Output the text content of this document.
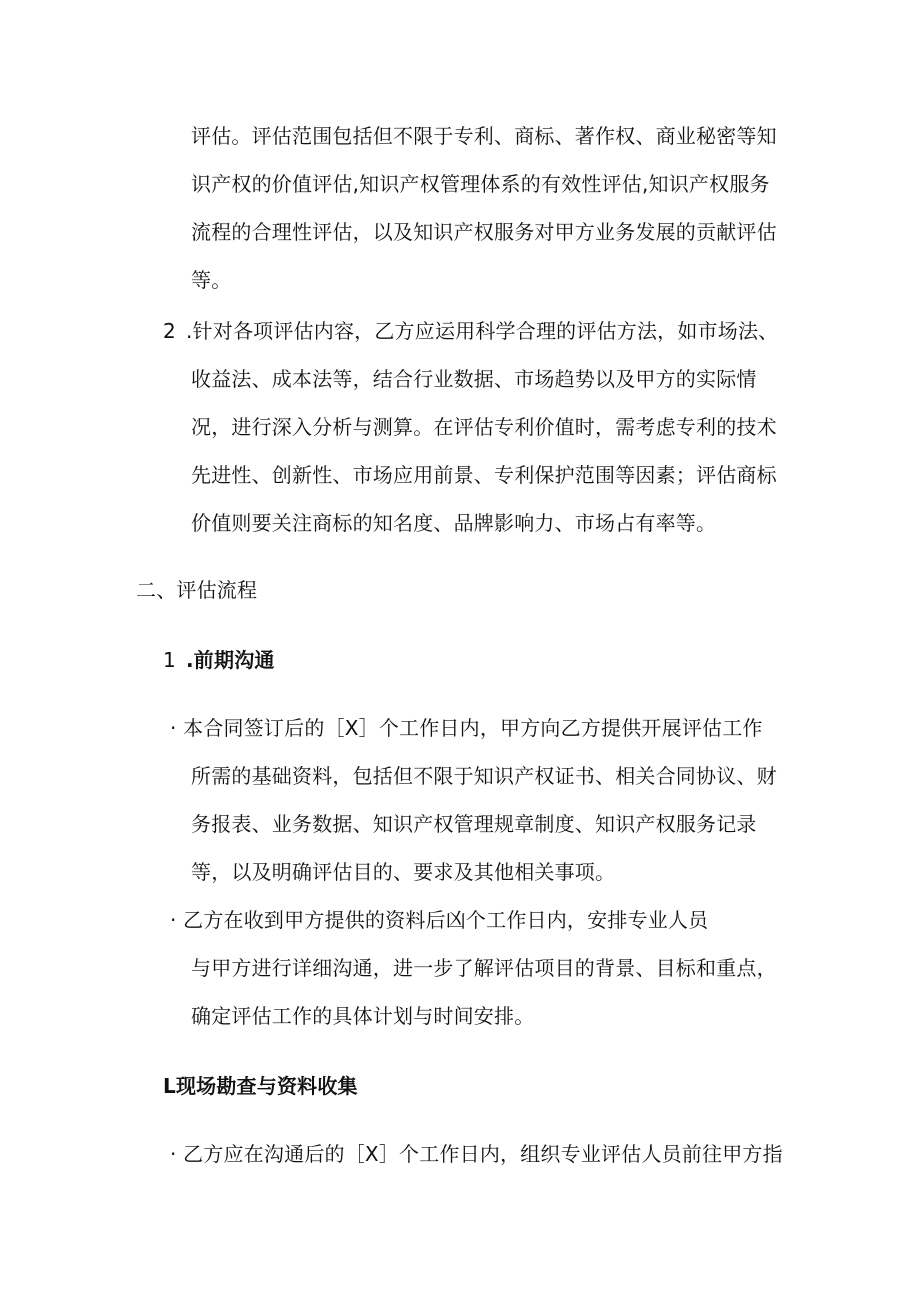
评估。评估范围包括但不限于专利、商标、著作权、商业秘密等知
识产权的价值评估,知识产权管理体系的有效性评估,知识产权服务
流程的合理性评估，以及知识产权服务对甲方业务发展的贡献评估
等。
2 .针对各项评估内容，乙方应运用科学合理的评估方法，如市场法、
收益法、成本法等，结合行业数据、市场趋势以及甲方的实际情
况，进行深入分析与测算。在评估专利价值时，需考虑专利的技术
先进性、创新性、市场应用前景、专利保护范围等因素；评估商标
价值则要关注商标的知名度、品牌影响力、市场占有率等。
二、评估流程
1 .前期沟通
· 本合同签订后的［X］个工作日内，甲方向乙方提供开展评估工作
所需的基础资料，包括但不限于知识产权证书、相关合同协议、财
务报表、业务数据、知识产权管理规章制度、知识产权服务记录
等，以及明确评估目的、要求及其他相关事项。
· 乙方在收到甲方提供的资料后凶个工作日内，安排专业人员
与甲方进行详细沟通，进一步了解评估项目的背景、目标和重点，
确定评估工作的具体计划与时间安排。
L现场勘查与资料收集
· 乙方应在沟通后的［X］个工作日内，组织专业评估人员前往甲方指
